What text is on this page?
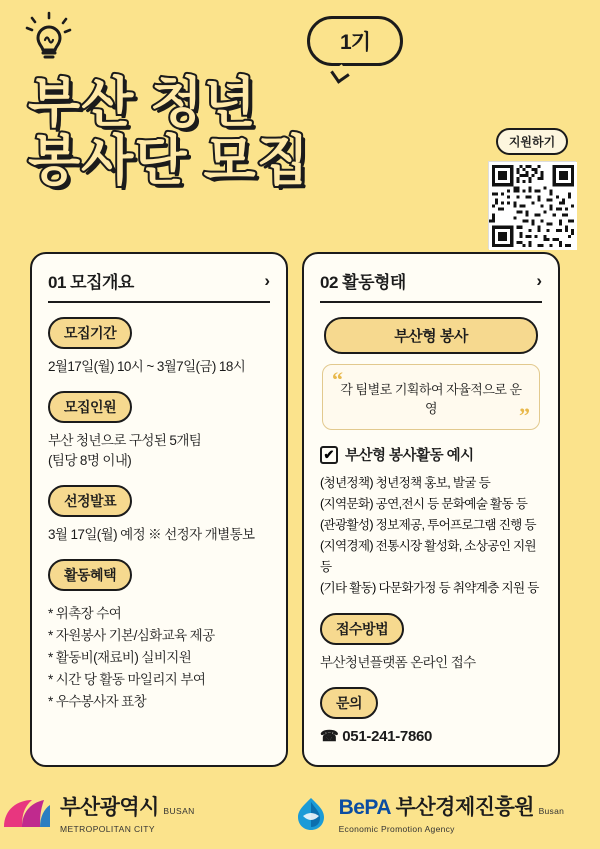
1기
부산 청년
봉사단 모집	지원하기
01 모집개요	›
모집기간

2월17일(월) 10시 ~ 3월7일(금) 18시

모집인원

부산 청년으로 구성된 5개팀

(팀당 8명 이내)

선정발표

3월 17일(월) 예정 ※ 선정자 개별통보

활동혜택
* 위촉장 수여
* 자원봉사 기본/심화교육 제공
* 활동비(재료비) 실비지원
* 시간 당 활동 마일리지 부여
* 우수봉사자 표창
02 활동형태	›
부산형 봉사
“

각 팀별로 기획하여 자율적으로 운영	”
✔ 부산형 봉사활동 예시

(청년정책) 청년정책 홍보, 발굴 등

(지역문화) 공연,전시 등 문화예술 활동 등

(관광활성) 정보제공, 투어프로그램 진행 등

(지역경제) 전통시장 활성화, 소상공인 지원 등

(기타 활동) 다문화가정 등 취약계층 지원 등

접수방법

부산청년플랫폼 온라인 접수

문의

☎ 051-241-7860

부산광역시 BUSAN METROPOLITAN CITY
BePA 부산경제진흥원 Busan Economic Promotion Agency
